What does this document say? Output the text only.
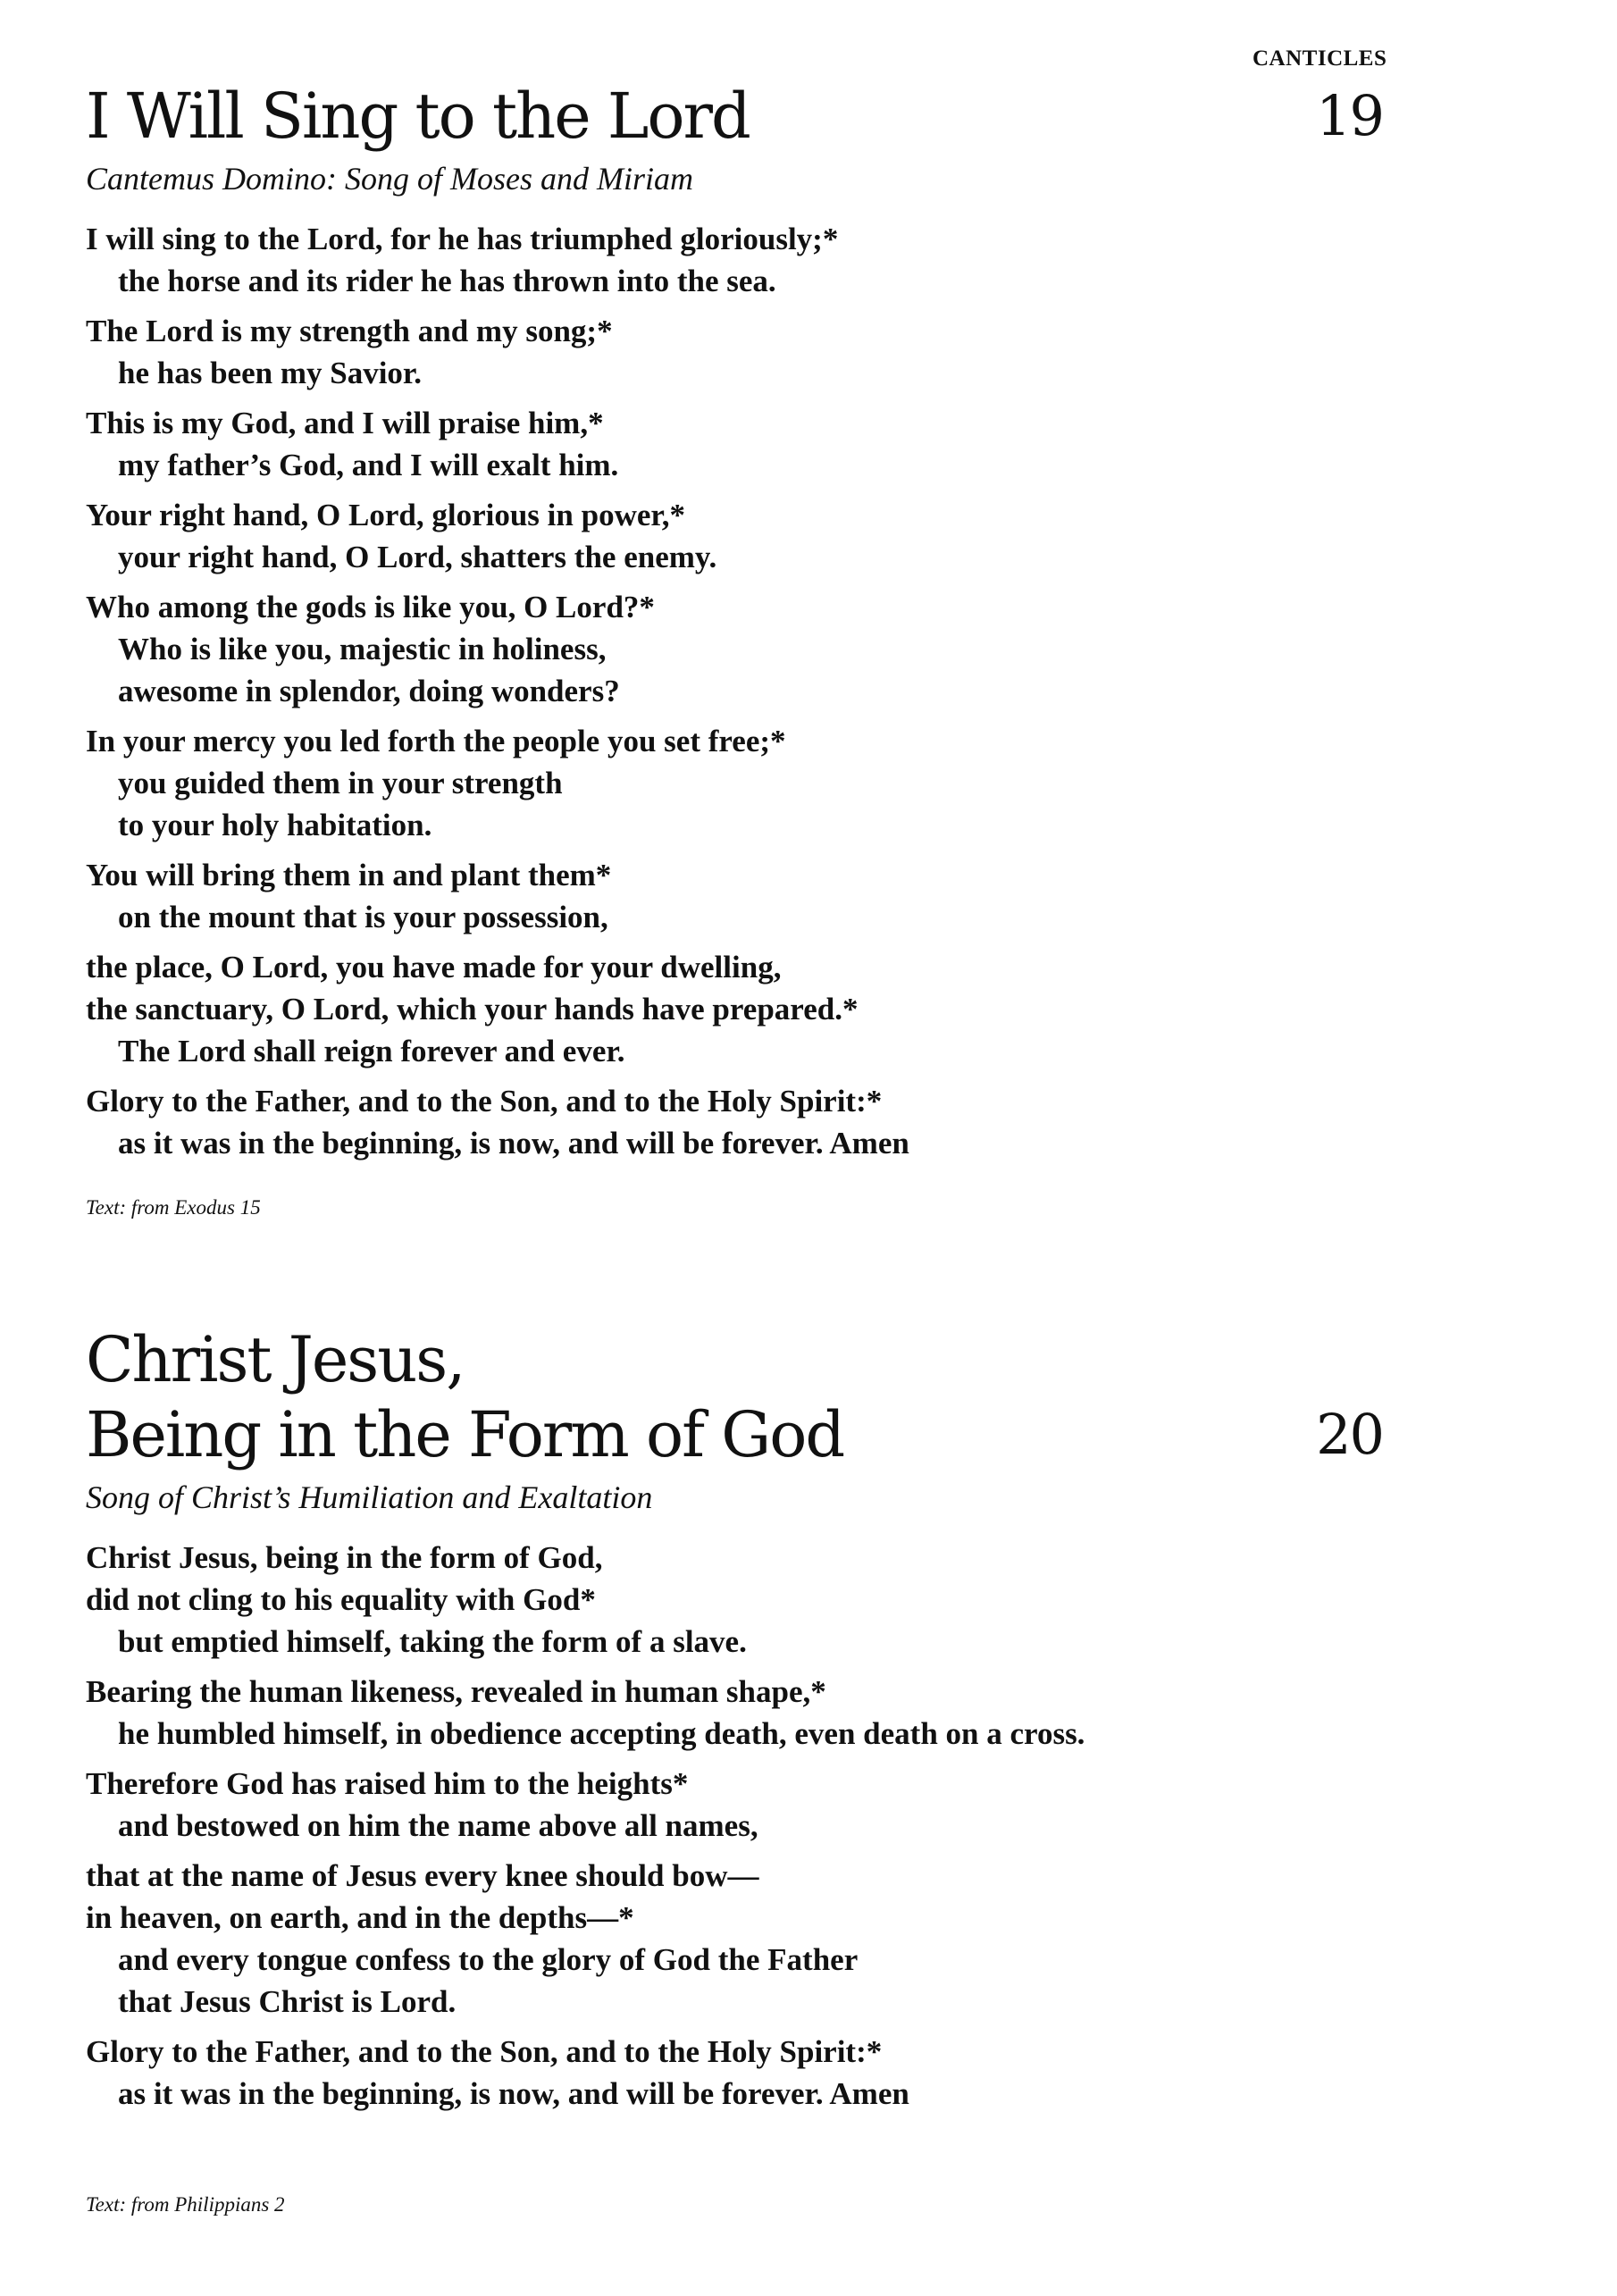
CANTICLES
I Will Sing to the Lord	19
Cantemus Domino: Song of Moses and Miriam
I will sing to the Lord, for he has triumphed gloriously;*
the horse and its rider he has thrown into the sea.
The Lord is my strength and my song;*
he has been my Savior.
This is my God, and I will praise him,*
my father’s God, and I will exalt him.
Your right hand, O Lord, glorious in power,*
your right hand, O Lord, shatters the enemy.
Who among the gods is like you, O Lord?*
Who is like you, majestic in holiness,
awesome in splendor, doing wonders?
In your mercy you led forth the people you set free;*
you guided them in your strength
to your holy habitation.
You will bring them in and plant them*
on the mount that is your possession,
the place, O Lord, you have made for your dwelling,
the sanctuary, O Lord, which your hands have prepared.*
The Lord shall reign forever and ever.
Glory to the Father, and to the Son, and to the Holy Spirit:*
as it was in the beginning, is now, and will be forever. Amen
Text: from Exodus 15
Christ Jesus,
Being in the Form of God	20
Song of Christ’s Humiliation and Exaltation
Christ Jesus, being in the form of God,
did not cling to his equality with God*
but emptied himself, taking the form of a slave.
Bearing the human likeness, revealed in human shape,*
he humbled himself, in obedience accepting death, even death on a cross.
Therefore God has raised him to the heights*
and bestowed on him the name above all names,
that at the name of Jesus every knee should bow—
in heaven, on earth, and in the depths—*
and every tongue confess to the glory of God the Father
that Jesus Christ is Lord.
Glory to the Father, and to the Son, and to the Holy Spirit:*
as it was in the beginning, is now, and will be forever. Amen
Text: from Philippians 2
